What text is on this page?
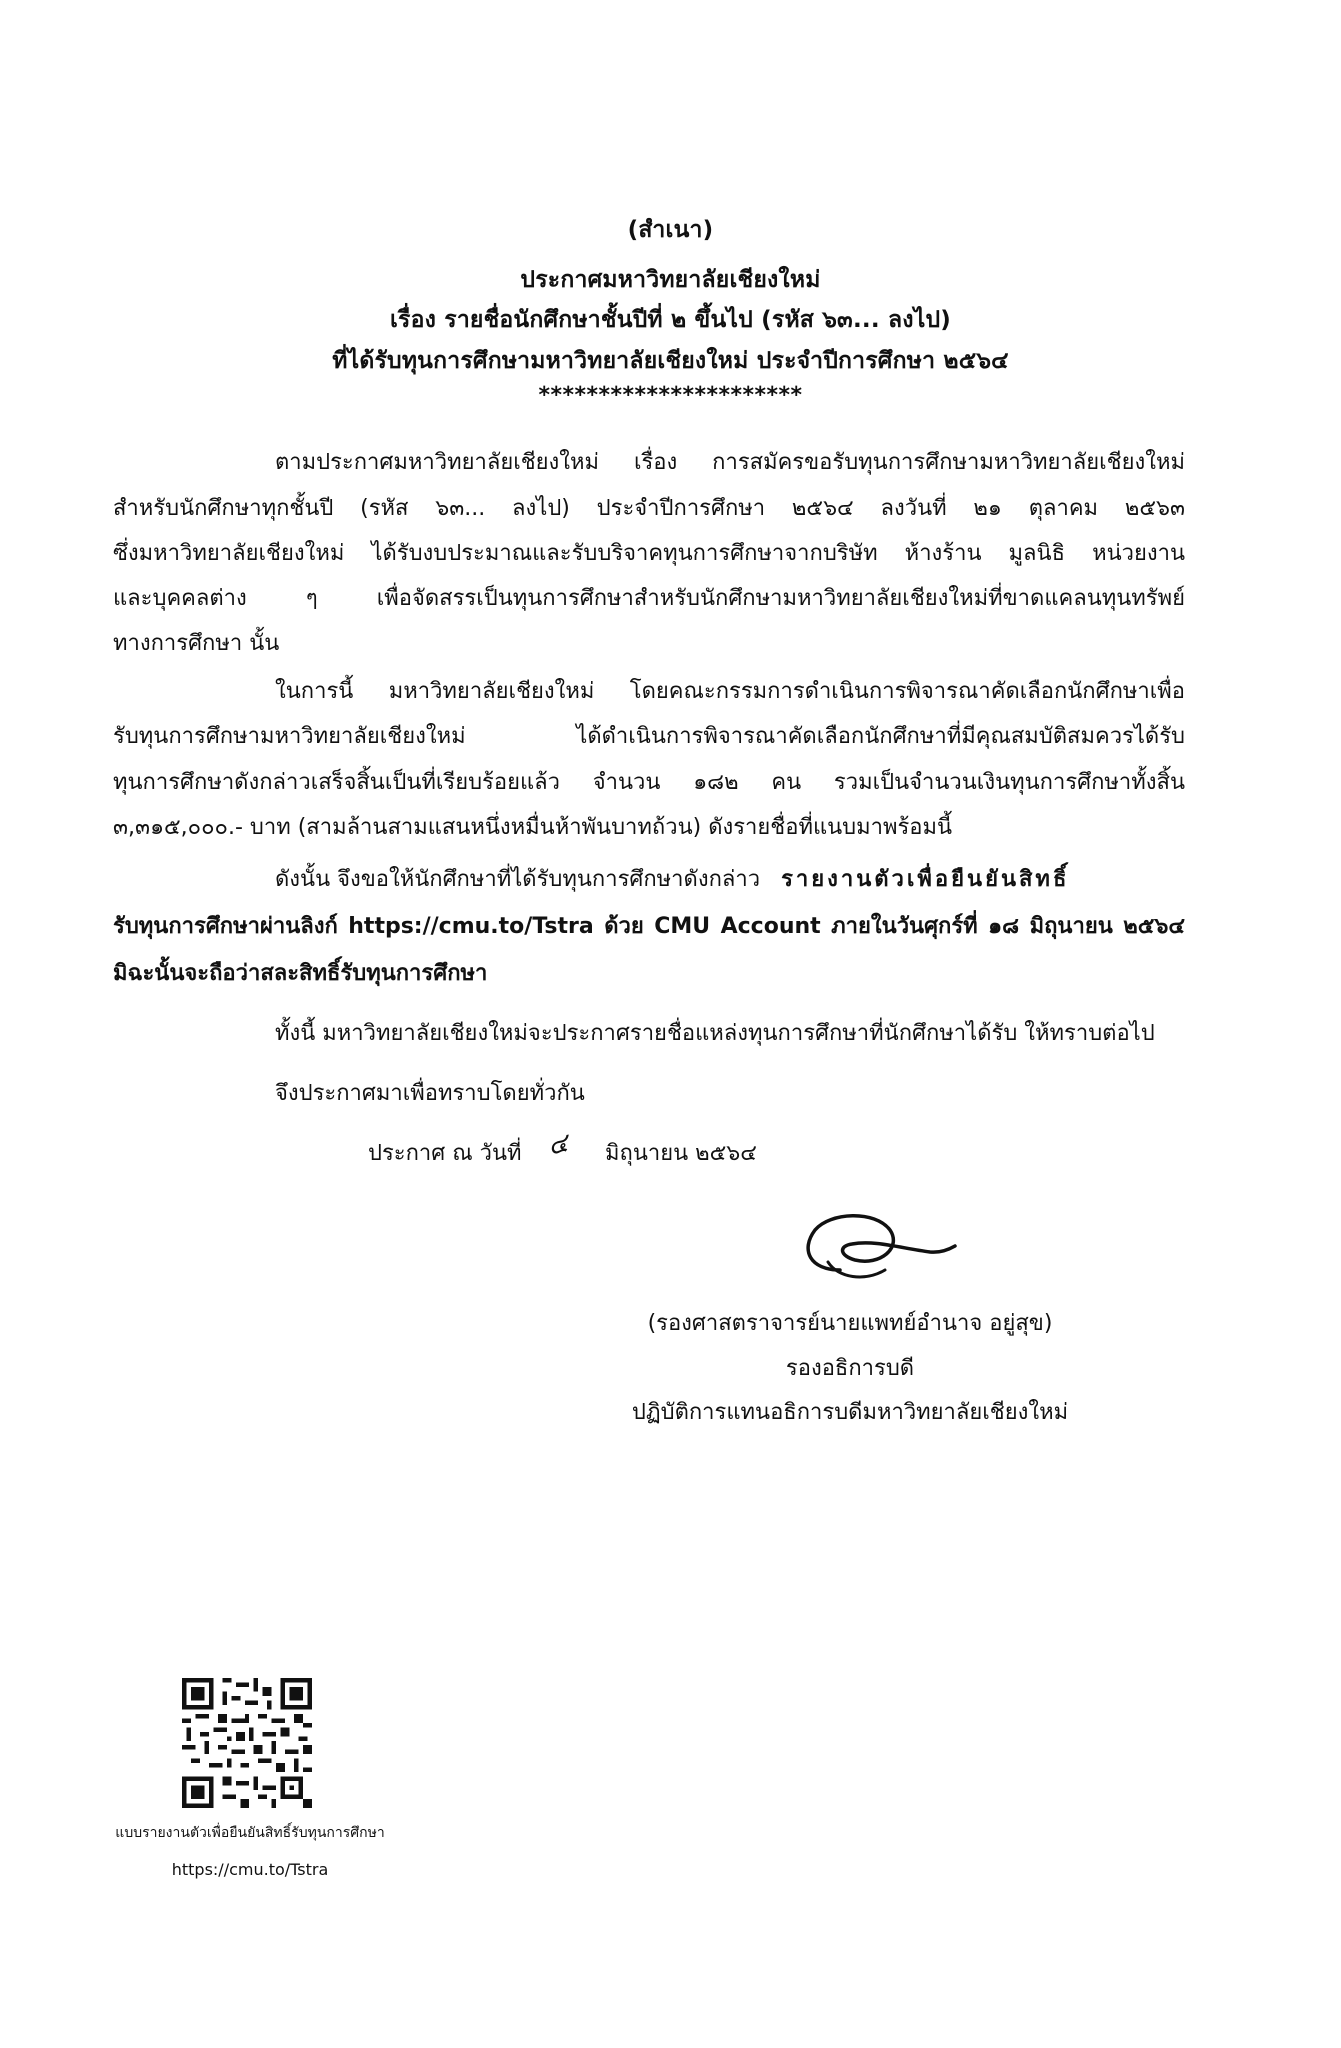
(สำเนา)
ประกาศมหาวิทยาลัยเชียงใหม่
เรื่อง รายชื่อนักศึกษาชั้นปีที่ ๒ ขึ้นไป (รหัส ๖๓... ลงไป)
ที่ได้รับทุนการศึกษามหาวิทยาลัยเชียงใหม่ ประจำปีการศึกษา ๒๕๖๔
**********************
ตามประกาศมหาวิทยาลัยเชียงใหม่ เรื่อง การสมัครขอรับทุนการศึกษามหาวิทยาลัยเชียงใหม่
สำหรับนักศึกษาทุกชั้นปี (รหัส ๖๓... ลงไป) ประจำปีการศึกษา ๒๕๖๔ ลงวันที่ ๒๑ ตุลาคม ๒๕๖๓
ซึ่งมหาวิทยาลัยเชียงใหม่ ได้รับงบประมาณและรับบริจาคทุนการศึกษาจากบริษัท ห้างร้าน มูลนิธิ หน่วยงาน
และบุคคลต่าง ๆ เพื่อจัดสรรเป็นทุนการศึกษาสำหรับนักศึกษามหาวิทยาลัยเชียงใหม่ที่ขาดแคลนทุนทรัพย์
ทางการศึกษา นั้น
ในการนี้ มหาวิทยาลัยเชียงใหม่ โดยคณะกรรมการดำเนินการพิจารณาคัดเลือกนักศึกษาเพื่อ
รับทุนการศึกษามหาวิทยาลัยเชียงใหม่ ได้ดำเนินการพิจารณาคัดเลือกนักศึกษาที่มีคุณสมบัติสมควรได้รับ
ทุนการศึกษาดังกล่าวเสร็จสิ้นเป็นที่เรียบร้อยแล้ว จำนวน ๑๘๒ คน รวมเป็นจำนวนเงินทุนการศึกษาทั้งสิ้น
๓,๓๑๕,๐๐๐.- บาท (สามล้านสามแสนหนึ่งหมื่นห้าพันบาทถ้วน) ดังรายชื่อที่แนบมาพร้อมนี้
ดังนั้น จึงขอให้นักศึกษาที่ได้รับทุนการศึกษาดังกล่าว รายงานตัวเพื่อยืนยันสิทธิ์
รับทุนการศึกษาผ่านลิงก์ https://cmu.to/Tstra ด้วย CMU Account ภายในวันศุกร์ที่ ๑๘ มิถุนายน ๒๕๖๔
มิฉะนั้นจะถือว่าสละสิทธิ์รับทุนการศึกษา
ทั้งนี้ มหาวิทยาลัยเชียงใหม่จะประกาศรายชื่อแหล่งทุนการศึกษาที่นักศึกษาได้รับ ให้ทราบต่อไป
จึงประกาศมาเพื่อทราบโดยทั่วกัน
ประกาศ ณ วันที่ ๔ มิถุนายน ๒๕๖๔
(รองศาสตราจารย์นายแพทย์อำนาจ อยู่สุข)
รองอธิการบดี
ปฏิบัติการแทนอธิการบดีมหาวิทยาลัยเชียงใหม่
แบบรายงานตัวเพื่อยืนยันสิทธิ์รับทุนการศึกษา
https://cmu.to/Tstra
